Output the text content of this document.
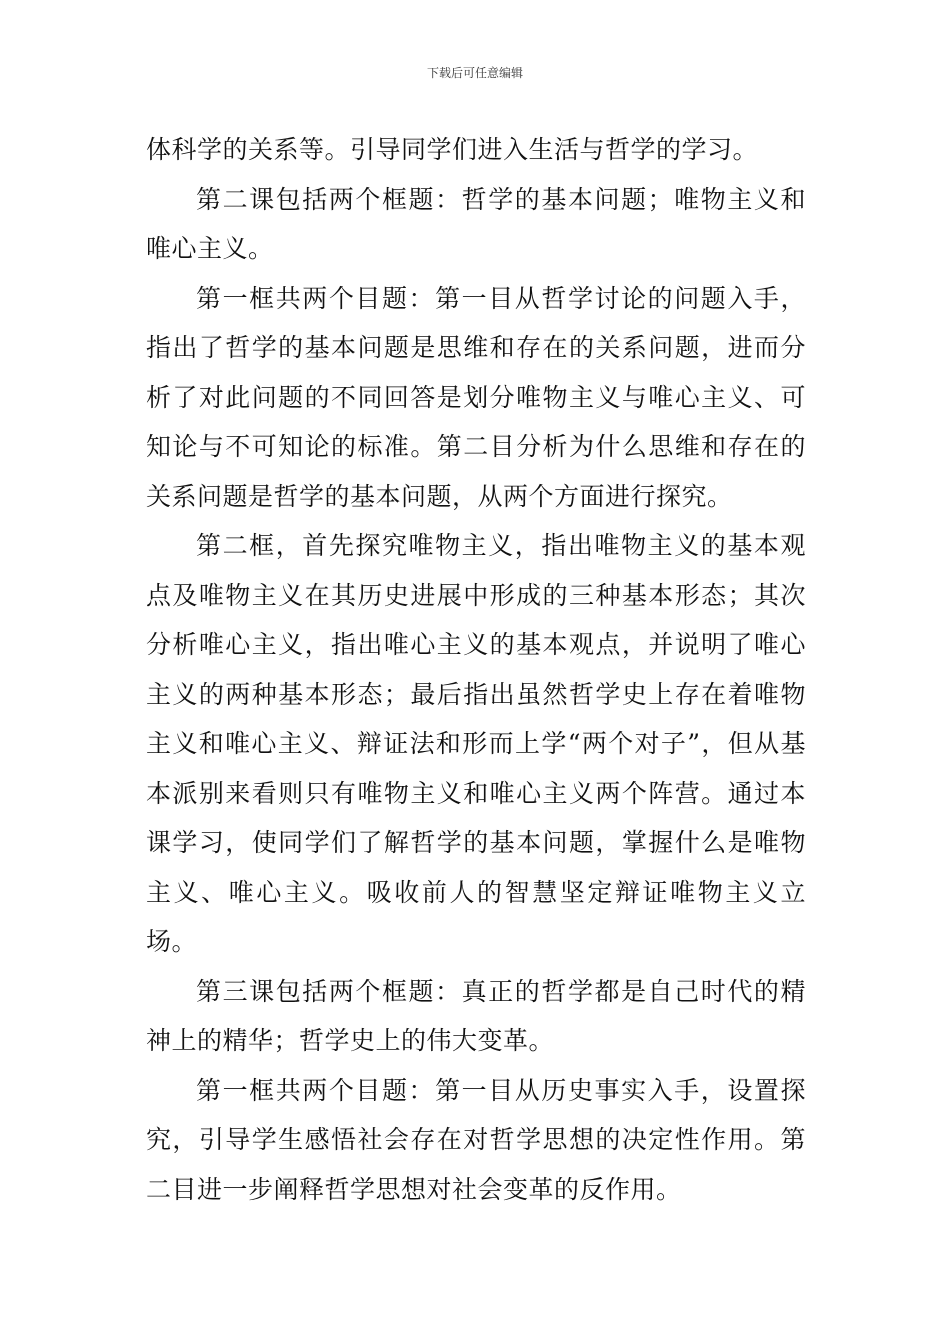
下载后可任意编辑

体科学的关系等。引导同学们进入生活与哲学的学习。

第二课包括两个框题：哲学的基本问题；唯物主义和唯心主义。

第一框共两个目题：第一目从哲学讨论的问题入手，指出了哲学的基本问题是思维和存在的关系问题，进而分析了对此问题的不同回答是划分唯物主义与唯心主义、可知论与不可知论的标准。第二目分析为什么思维和存在的关系问题是哲学的基本问题，从两个方面进行探究。

第二框，首先探究唯物主义，指出唯物主义的基本观点及唯物主义在其历史进展中形成的三种基本形态；其次分析唯心主义，指出唯心主义的基本观点，并说明了唯心主义的两种基本形态；最后指出虽然哲学史上存在着唯物主义和唯心主义、辩证法和形而上学“两个对子”，但从基本派别来看则只有唯物主义和唯心主义两个阵营。通过本课学习，使同学们了解哲学的基本问题，掌握什么是唯物主义、唯心主义。吸收前人的智慧坚定辩证唯物主义立场。

第三课包括两个框题：真正的哲学都是自己时代的精神上的精华；哲学史上的伟大变革。

第一框共两个目题：第一目从历史事实入手，设置探究，引导学生感悟社会存在对哲学思想的决定性作用。第二目进一步阐释哲学思想对社会变革的反作用。
